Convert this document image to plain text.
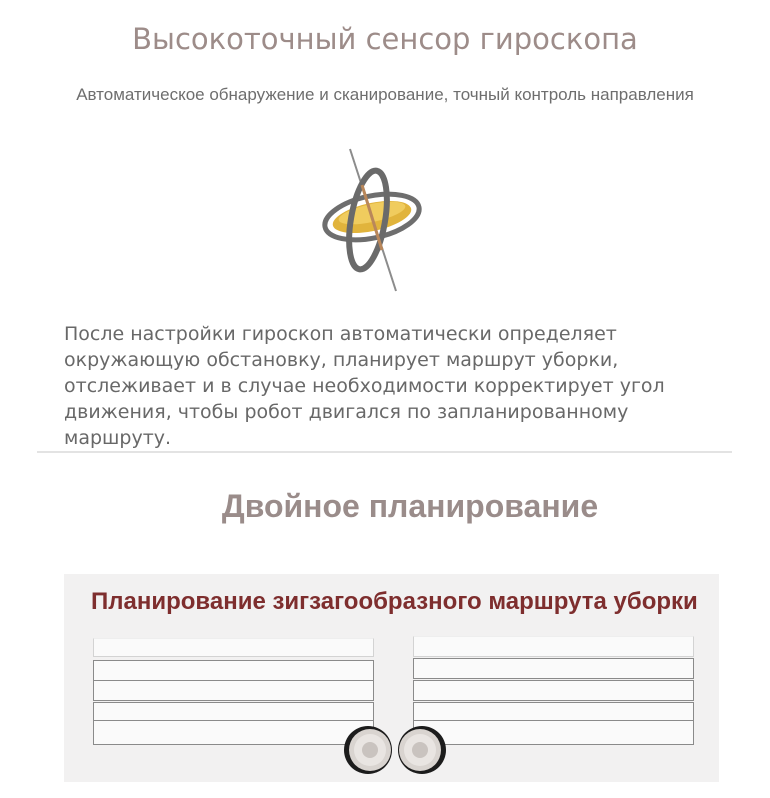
Высокоточный сенсор гироскопа

Автоматическое обнаружение и сканирование, точный контроль направления

После настройки гироскоп автоматически определяет окружающую обстановку, планирует маршрут уборки, отслеживает и в случае необходимости корректирует угол движения, чтобы робот двигался по запланированному маршруту.

Двойное планирование
Планирование зигзагообразного маршрута уборки
